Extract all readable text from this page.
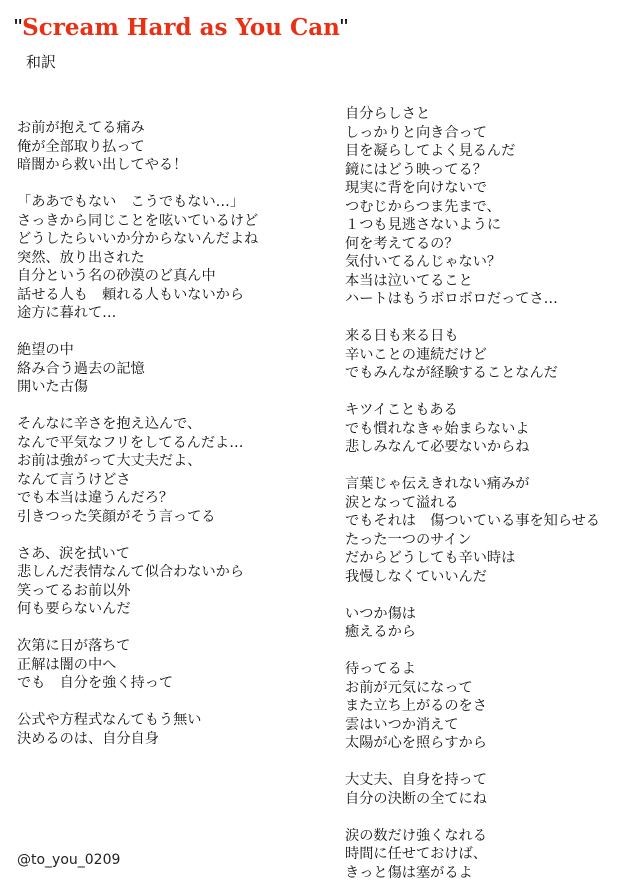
"Scream Hard as You Can"
和訳
お前が抱えてる痛み
俺が全部取り払って
暗闇から救い出してやる！
「ああでもない　こうでもない…」
さっきから同じことを呟いているけど
どうしたらいいか分からないんだよね
突然、放り出された
自分という名の砂漠のど真ん中
話せる人も　頼れる人もいないから
途方に暮れて…
絶望の中
絡み合う過去の記憶
開いた古傷
そんなに辛さを抱え込んで、
なんで平気なフリをしてるんだよ…
お前は強がって大丈夫だよ、
なんて言うけどさ
でも本当は違うんだろ？
引きつった笑顔がそう言ってる
さあ、涙を拭いて
悲しんだ表情なんて似合わないから
笑ってるお前以外
何も要らないんだ
次第に日が落ちて
正解は闇の中へ
でも　自分を強く持って
公式や方程式なんてもう無い
決めるのは、自分自身
自分らしさと
しっかりと向き合って
目を凝らしてよく見るんだ
鏡にはどう映ってる？
現実に背を向けないで
つむじからつま先まで、
１つも見逃さないように
何を考えてるの？
気付いてるんじゃない？
本当は泣いてること
ハートはもうボロボロだってさ…
来る日も来る日も
辛いことの連続だけど
でもみんなが経験することなんだ
キツイこともある
でも慣れなきゃ始まらないよ
悲しみなんて必要ないからね
言葉じゃ伝えきれない痛みが
涙となって溢れる
でもそれは　傷ついている事を知らせる
たった一つのサイン
だからどうしても辛い時は
我慢しなくていいんだ
いつか傷は
癒えるから
待ってるよ
お前が元気になって
また立ち上がるのをさ
雲はいつか消えて
太陽が心を照らすから
大丈夫、自身を持って
自分の決断の全てにね
涙の数だけ強くなれる
時間に任せておけば、
きっと傷は塞がるよ
@to_you_0209
